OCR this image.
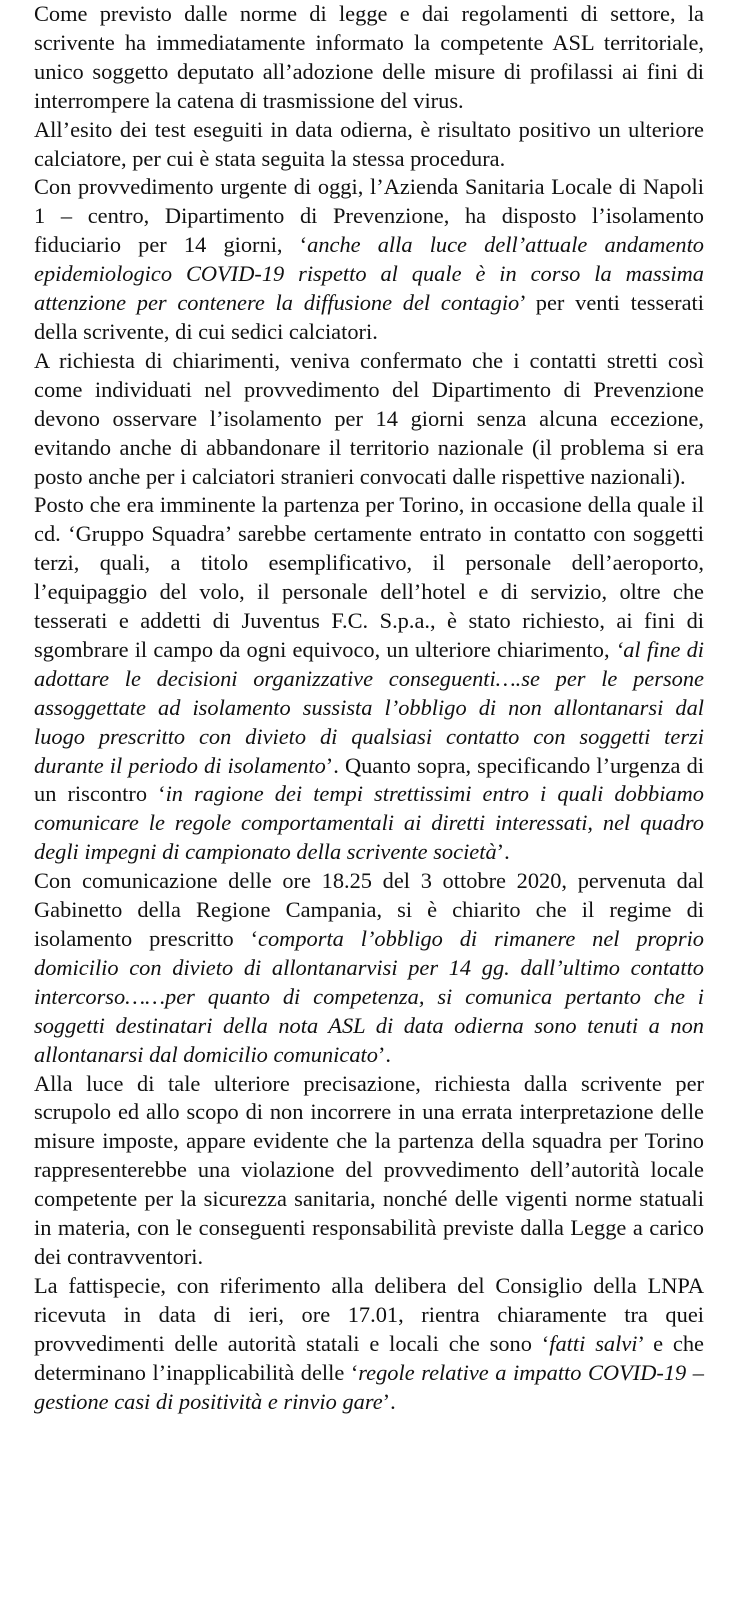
Come previsto dalle norme di legge e dai regolamenti di settore, la scrivente ha immediatamente informato la competente ASL territoriale, unico soggetto deputato all’adozione delle misure di profilassi ai fini di interrompere la catena di trasmissione del virus.

All’esito dei test eseguiti in data odierna, è risultato positivo un ulteriore calciatore, per cui è stata seguita la stessa procedura.

Con provvedimento urgente di oggi, l’Azienda Sanitaria Locale di Napoli 1 – centro, Dipartimento di Prevenzione, ha disposto l’isolamento fiduciario per 14 giorni, ‘anche alla luce dell’attuale andamento epidemiologico COVID-19 rispetto al quale è in corso la massima attenzione per contenere la diffusione del contagio’ per venti tesserati della scrivente, di cui sedici calciatori.

A richiesta di chiarimenti, veniva confermato che i contatti stretti così come individuati nel provvedimento del Dipartimento di Prevenzione devono osservare l’isolamento per 14 giorni senza alcuna eccezione, evitando anche di abbandonare il territorio nazionale (il problema si era posto anche per i calciatori stranieri convocati dalle rispettive nazionali).

Posto che era imminente la partenza per Torino, in occasione della quale il cd. ‘Gruppo Squadra’ sarebbe certamente entrato in contatto con soggetti terzi, quali, a titolo esemplificativo, il personale dell’aeroporto, l’equipaggio del volo, il personale dell’hotel e di servizio, oltre che tesserati e addetti di Juventus F.C. S.p.a., è stato richiesto, ai fini di sgombrare il campo da ogni equivoco, un ulteriore chiarimento, ‘al fine di adottare le decisioni organizzative conseguenti….se per le persone assoggettate ad isolamento sussista l’obbligo di non allontanarsi dal luogo prescritto con divieto di qualsiasi contatto con soggetti terzi durante il periodo di isolamento’. Quanto sopra, specificando l’urgenza di un riscontro ‘in ragione dei tempi strettissimi entro i quali dobbiamo comunicare le regole comportamentali ai diretti interessati, nel quadro degli impegni di campionato della scrivente società’.

Con comunicazione delle ore 18.25 del 3 ottobre 2020, pervenuta dal Gabinetto della Regione Campania, si è chiarito che il regime di isolamento prescritto ‘comporta l’obbligo di rimanere nel proprio domicilio con divieto di allontanarvisi per 14 gg. dall’ultimo contatto intercorso……per quanto di competenza, si comunica pertanto che i soggetti destinatari della nota ASL di data odierna sono tenuti a non allontanarsi dal domicilio comunicato’.

Alla luce di tale ulteriore precisazione, richiesta dalla scrivente per scrupolo ed allo scopo di non incorrere in una errata interpretazione delle misure imposte, appare evidente che la partenza della squadra per Torino rappresenterebbe una violazione del provvedimento dell’autorità locale competente per la sicurezza sanitaria, nonché delle vigenti norme statuali in materia, con le conseguenti responsabilità previste dalla Legge a carico dei contravventori.

La fattispecie, con riferimento alla delibera del Consiglio della LNPA ricevuta in data di ieri, ore 17.01, rientra chiaramente tra quei provvedimenti delle autorità statali e locali che sono ‘fatti salvi’ e che determinano l’inapplicabilità delle ‘regole relative a impatto COVID-19 – gestione casi di positività e rinvio gare’.
